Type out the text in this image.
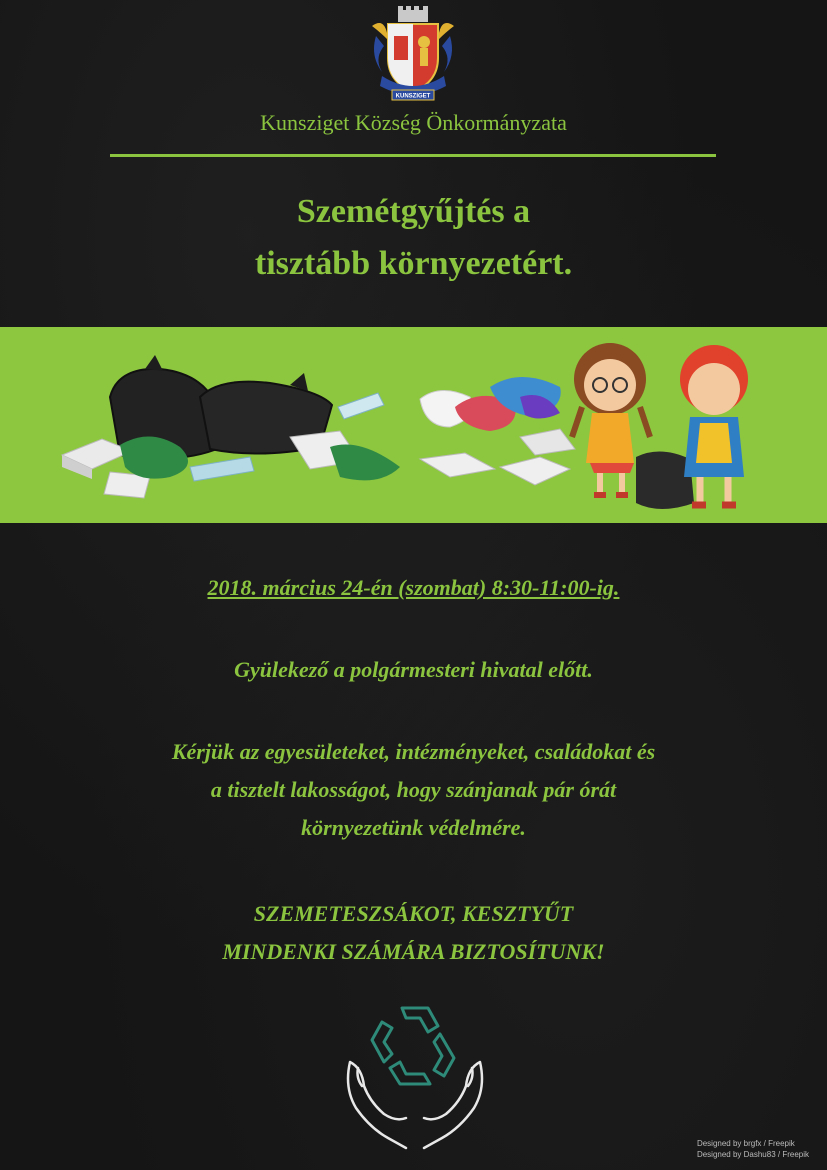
KUNSZIGET
Kunsziget Község Önkormányzata
Szemétgyűjtés a
tisztább környezetért.
2018. március 24-én (szombat) 8:30-11:00-ig.
Gyülekező a polgármesteri hivatal előtt.
Kérjük az egyesületeket, intézményeket, családokat és
a tisztelt lakosságot, hogy szánjanak pár órát
környezetünk védelmére.
SZEMETESZSÁKOT, KESZTYŰT
MINDENKI SZÁMÁRA BIZTOSÍTUNK!
Designed by brgfx / Freepik
Designed by Dashu83 / Freepik
